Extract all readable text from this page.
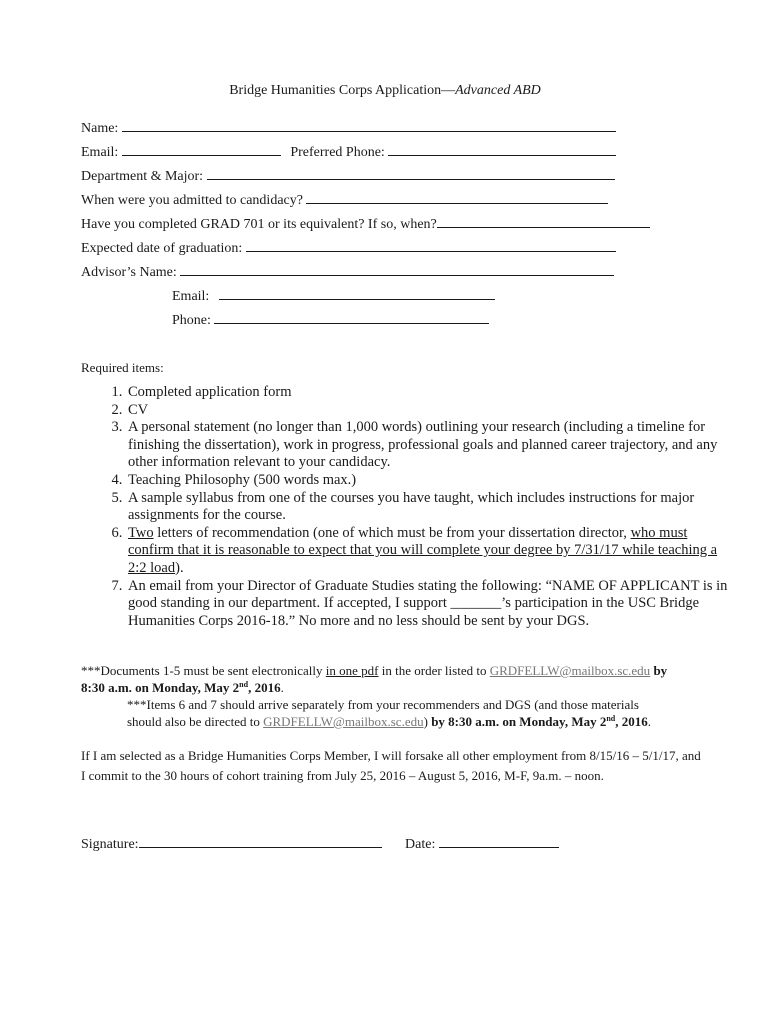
Bridge Humanities Corps Application—Advanced ABD
Name:
Email:	Preferred Phone:
Department & Major:
When were you admitted to candidacy?
Have you completed GRAD 701 or its equivalent? If so, when?
Expected date of graduation:
Advisor’s Name:
Email:
Phone:
Required items:
1. Completed application form
2. CV
3. A personal statement (no longer than 1,000 words) outlining your research (including a timeline for finishing the dissertation), work in progress, professional goals and planned career trajectory, and any other information relevant to your candidacy.
4. Teaching Philosophy (500 words max.)
5. A sample syllabus from one of the courses you have taught, which includes instructions for major assignments for the course.
6. Two letters of recommendation (one of which must be from your dissertation director, who must confirm that it is reasonable to expect that you will complete your degree by 7/31/17 while teaching a 2:2 load).
7. An email from your Director of Graduate Studies stating the following: “NAME OF APPLICANT is in good standing in our department. If accepted, I support _______’s participation in the USC Bridge Humanities Corps 2016-18.” No more and no less should be sent by your DGS.
***Documents 1-5 must be sent electronically in one pdf in the order listed to GRDFELLW@mailbox.sc.edu by
8:30 a.m. on Monday, May 2nd, 2016.
***Items 6 and 7 should arrive separately from your recommenders and DGS (and those materials
should also be directed to GRDFELLW@mailbox.sc.edu) by 8:30 a.m. on Monday, May 2nd, 2016.
If I am selected as a Bridge Humanities Corps Member, I will forsake all other employment from 8/15/16 – 5/1/17, and I commit to the 30 hours of cohort training from July 25, 2016 – August 5, 2016, M-F, 9a.m. – noon.
Signature:	Date:
